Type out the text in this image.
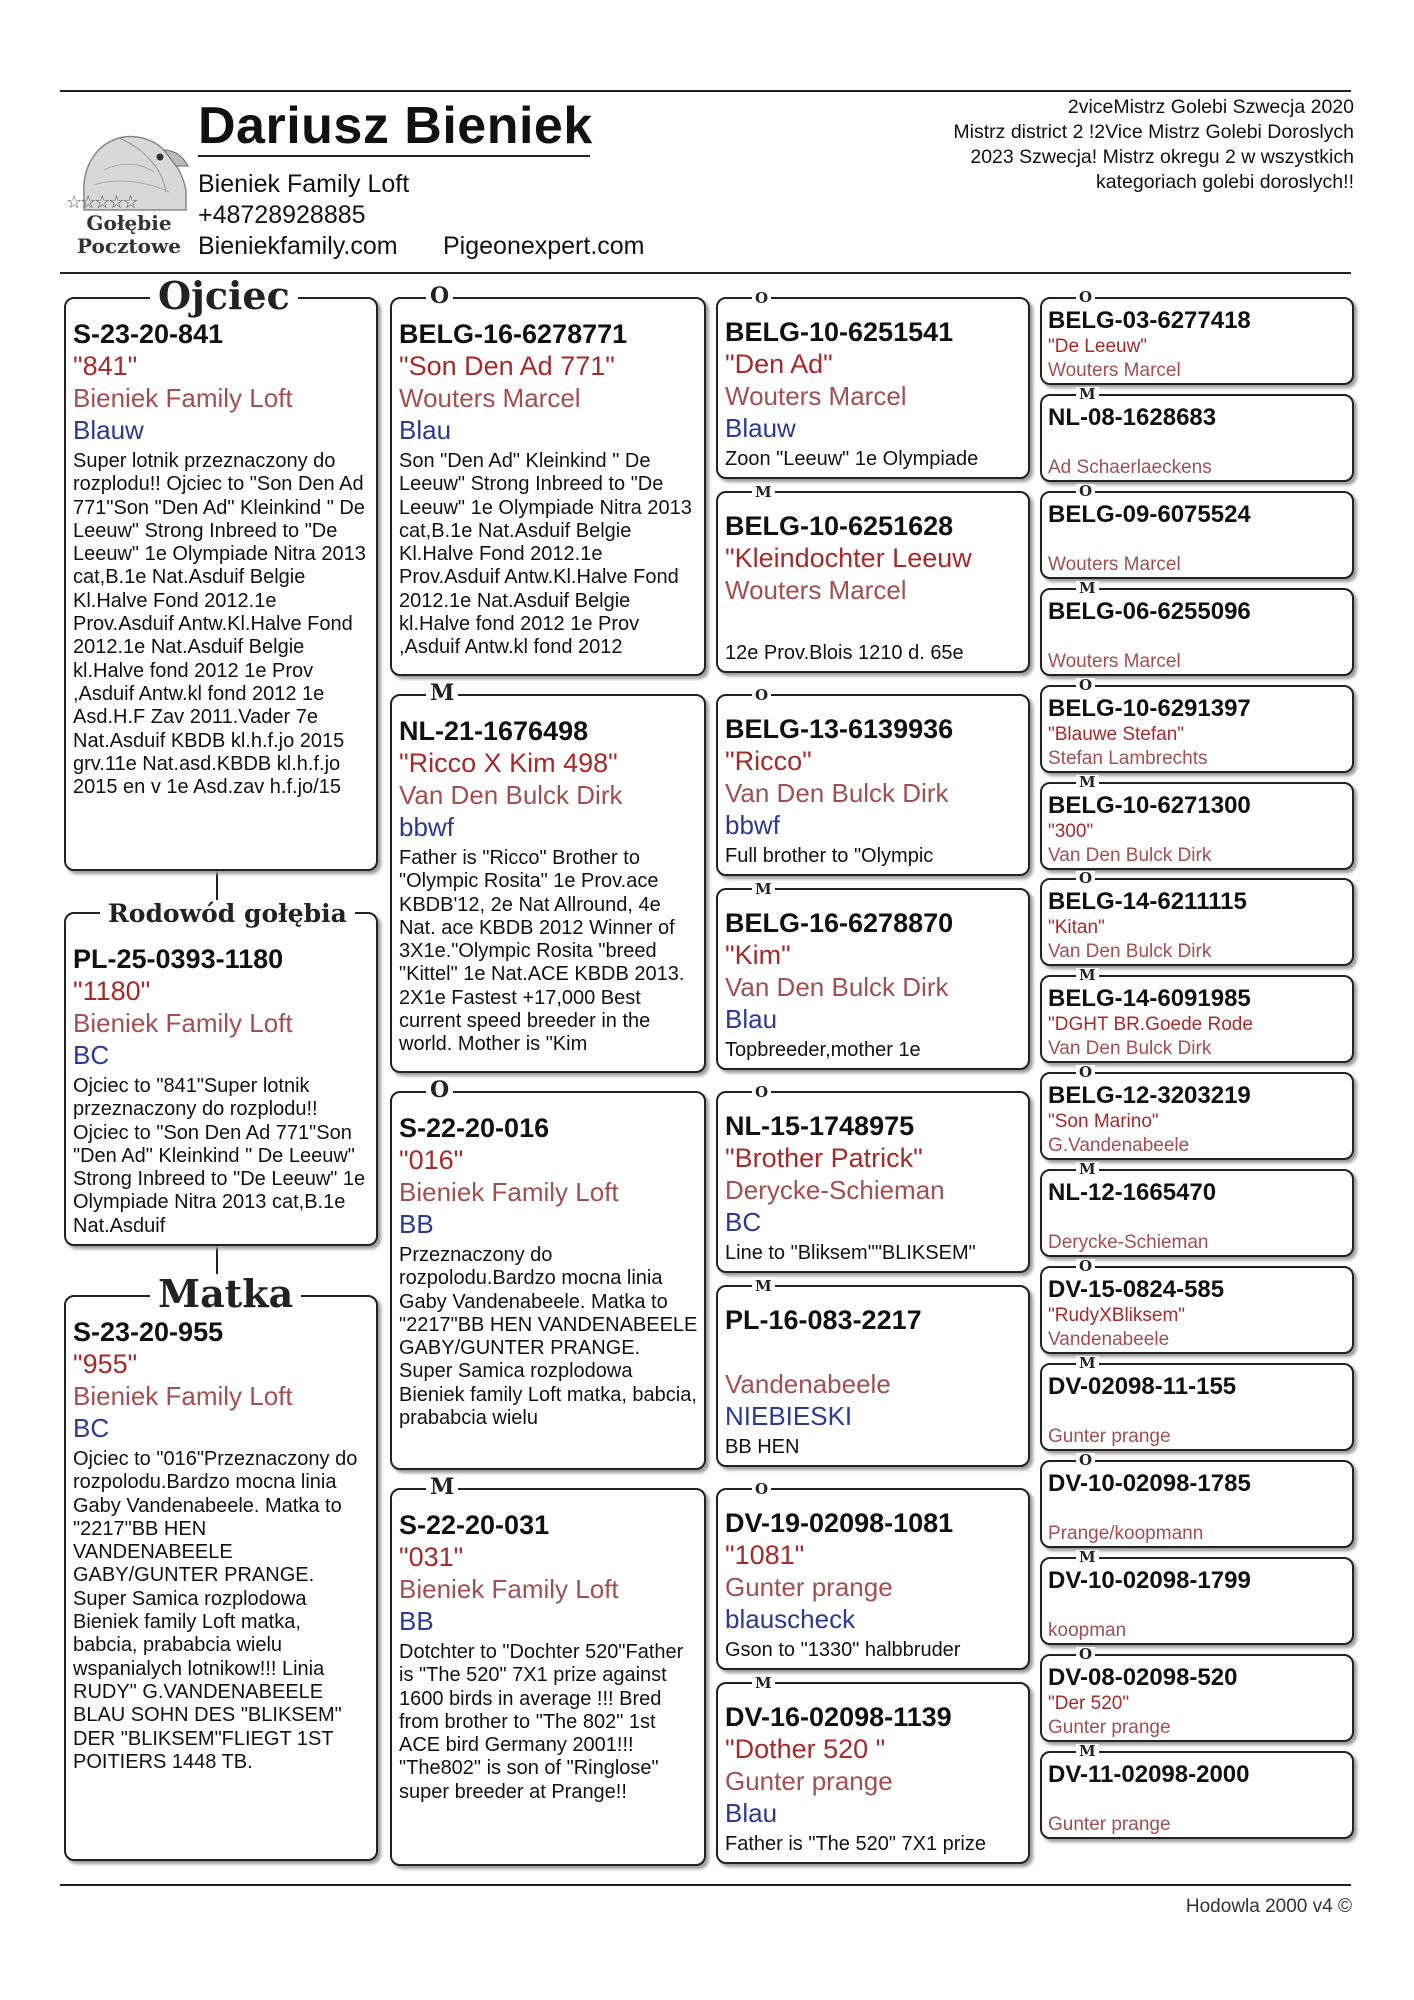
☆☆☆☆☆
Gołębie
Pocztowe
Dariusz Bieniek
Bieniek Family Loft
+48728928885
Bieniekfamily.com Pigeonexpert.com
2viceMistrz Golebi Szwecja 2020
Mistrz district 2 !2Vice Mistrz Golebi Doroslych
2023 Szwecja! Mistrz okregu 2 w wszystkich
kategoriach golebi doroslych!!
S-23-20-841
"841"
Bieniek Family Loft
Blauw
Super lotnik przeznaczony do rozplodu!! Ojciec to "Son Den Ad 771"Son "Den Ad" Kleinkind " De Leeuw" Strong Inbreed to "De Leeuw" 1e Olympiade Nitra 2013 cat,B.1e Nat.Asduif Belgie Kl.Halve Fond 2012.1e Prov.Asduif Antw.Kl.Halve Fond 2012.1e Nat.Asduif Belgie kl.Halve fond 2012 1e Prov ,Asduif Antw.kl fond 2012 1e Asd.H.F Zav 2011.Vader 7e Nat.Asduif KBDB kl.h.f.jo 2015 grv.11e Nat.asd.KBDB kl.h.f.jo 2015 en v 1e Asd.zav h.f.jo/15
Ojciec
PL-25-0393-1180
"1180"
Bieniek Family Loft
BC
Ojciec to "841"Super lotnik przeznaczony do rozplodu!! Ojciec to "Son Den Ad 771"Son "Den Ad" Kleinkind " De Leeuw" Strong Inbreed to "De Leeuw" 1e Olympiade Nitra 2013 cat,B.1e Nat.Asduif
Rodowód gołębia
S-23-20-955
"955"
Bieniek Family Loft
BC
Ojciec to "016"Przeznaczony do rozpolodu.Bardzo mocna linia Gaby Vandenabeele. Matka to "2217"BB HEN VANDENABEELE GABY/GUNTER PRANGE. Super Samica rozplodowa Bieniek family Loft matka, babcia, prababcia wielu wspanialych lotnikow!!! Linia RUDY" G.VANDENABEELE BLAU SOHN DES "BLIKSEM" DER "BLIKSEM"FLIEGT 1ST POITIERS 1448 TB.
Matka
BELG-16-6278771
"Son Den Ad 771"
Wouters Marcel
Blau
Son "Den Ad" Kleinkind " De Leeuw" Strong Inbreed to "De Leeuw" 1e Olympiade Nitra 2013 cat,B.1e Nat.Asduif Belgie Kl.Halve Fond 2012.1e Prov.Asduif Antw.Kl.Halve Fond 2012.1e Nat.Asduif Belgie kl.Halve fond 2012 1e Prov ,Asduif Antw.kl fond 2012
O
NL-21-1676498
"Ricco X Kim 498"
Van Den Bulck Dirk
bbwf
Father is "Ricco" Brother to "Olympic Rosita" 1e Prov.ace KBDB'12, 2e Nat Allround, 4e Nat. ace KBDB 2012 Winner of 3X1e."Olympic Rosita "breed "Kittel" 1e Nat.ACE KBDB 2013. 2X1e Fastest +17,000 Best current speed breeder in the world. Mother is "Kim
M
S-22-20-016
"016"
Bieniek Family Loft
BB
Przeznaczony do rozpolodu.Bardzo mocna linia Gaby Vandenabeele. Matka to "2217"BB HEN VANDENABEELE GABY/GUNTER PRANGE. Super Samica rozplodowa Bieniek family Loft matka, babcia, prababcia wielu
O
S-22-20-031
"031"
Bieniek Family Loft
BB
Dotchter to "Dochter 520"Father is "The 520" 7X1 prize against 1600 birds in average !!! Bred from brother to "The 802" 1st ACE bird Germany 2001!!! "The802" is son of "Ringlose" super breeder at Prange!!
M
BELG-10-6251541
"Den Ad"
Wouters Marcel
Blauw
Zoon "Leeuw" 1e Olympiade
O
BELG-10-6251628
"Kleindochter Leeuw
Wouters Marcel
12e Prov.Blois 1210 d. 65e
M
BELG-13-6139936
"Ricco"
Van Den Bulck Dirk
bbwf
Full brother to "Olympic
O
BELG-16-6278870
"Kim"
Van Den Bulck Dirk
Blau
Topbreeder,mother 1e
M
NL-15-1748975
"Brother Patrick"
Derycke-Schieman
BC
Line to "Bliksem""BLIKSEM"
O
PL-16-083-2217
Vandenabeele
NIEBIESKI
BB HEN
M
DV-19-02098-1081
"1081"
Gunter prange
blauscheck
Gson to "1330" halbbruder
O
DV-16-02098-1139
"Dother 520 "
Gunter prange
Blau
Father is "The 520" 7X1 prize
M
BELG-03-6277418
"De Leeuw"
Wouters Marcel
O
NL-08-1628683
Ad Schaerlaeckens
M
BELG-09-6075524
Wouters Marcel
O
BELG-06-6255096
Wouters Marcel
M
BELG-10-6291397
"Blauwe Stefan"
Stefan Lambrechts
O
BELG-10-6271300
"300"
Van Den Bulck Dirk
M
BELG-14-6211115
"Kitan"
Van Den Bulck Dirk
O
BELG-14-6091985
"DGHT BR.Goede Rode
Van Den Bulck Dirk
M
BELG-12-3203219
"Son Marino"
G.Vandenabeele
O
NL-12-1665470
Derycke-Schieman
M
DV-15-0824-585
"RudyXBliksem"
Vandenabeele
O
DV-02098-11-155
Gunter prange
M
DV-10-02098-1785
Prange/koopmann
O
DV-10-02098-1799
koopman
M
DV-08-02098-520
"Der 520"
Gunter prange
O
DV-11-02098-2000
Gunter prange
M
Hodowla 2000 v4 ©
